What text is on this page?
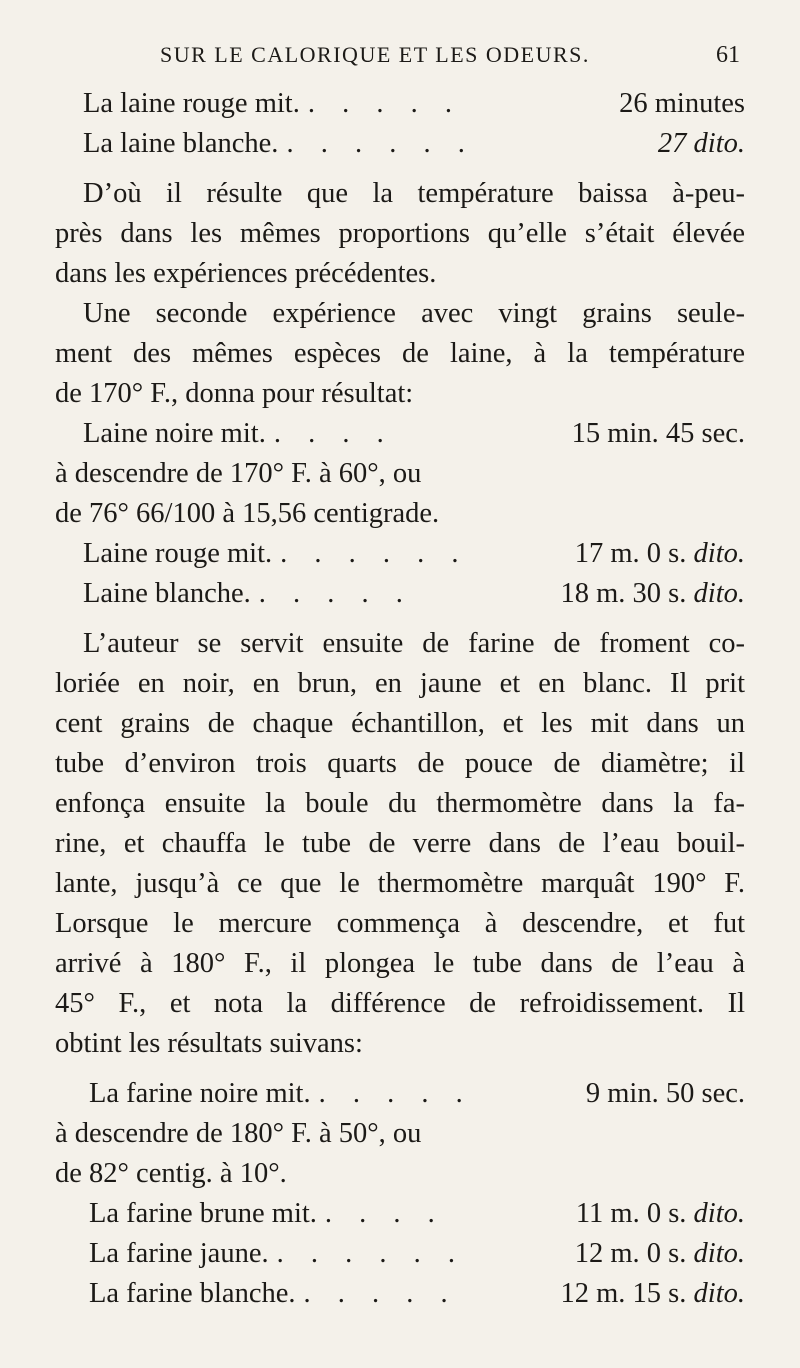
SUR LE CALORIQUE ET LES ODEURS.	61
La laine rouge mit. . . . . .	26 minutes
La laine blanche. . . . . . .	27 dito.
D’où il résulte que la température baissa à-peu-
près dans les mêmes proportions qu’elle s’était élevée
dans les expériences précédentes.
Une seconde expérience avec vingt grains seule-
ment des mêmes espèces de laine, à la température
de 170° F., donna pour résultat:
Laine noire mit. . . . .	15 min. 45 sec.
à descendre de 170° F. à 60°, ou
de 76° 66/100 à 15,56 centigrade.
Laine rouge mit. . . . . . .	17 m. 0 s. dito.
Laine blanche. . . . . .	18 m. 30 s. dito.
L’auteur se servit ensuite de farine de froment co-
loriée en noir, en brun, en jaune et en blanc. Il prit
cent grains de chaque échantillon, et les mit dans un
tube d’environ trois quarts de pouce de diamètre; il
enfonça ensuite la boule du thermomètre dans la fa-
rine, et chauffa le tube de verre dans de l’eau bouil-
lante, jusqu’à ce que le thermomètre marquât 190° F.
Lorsque le mercure commença à descendre, et fut
arrivé à 180° F., il plongea le tube dans de l’eau à
45° F., et nota la différence de refroidissement. Il
obtint les résultats suivans:
La farine noire mit. . . . . .	9 min. 50 sec.
à descendre de 180° F. à 50°, ou
de 82° centig. à 10°.
La farine brune mit. . . . .	11 m. 0 s. dito.
La farine jaune. . . . . . .	12 m. 0 s. dito.
La farine blanche. . . . . .	12 m. 15 s. dito.
